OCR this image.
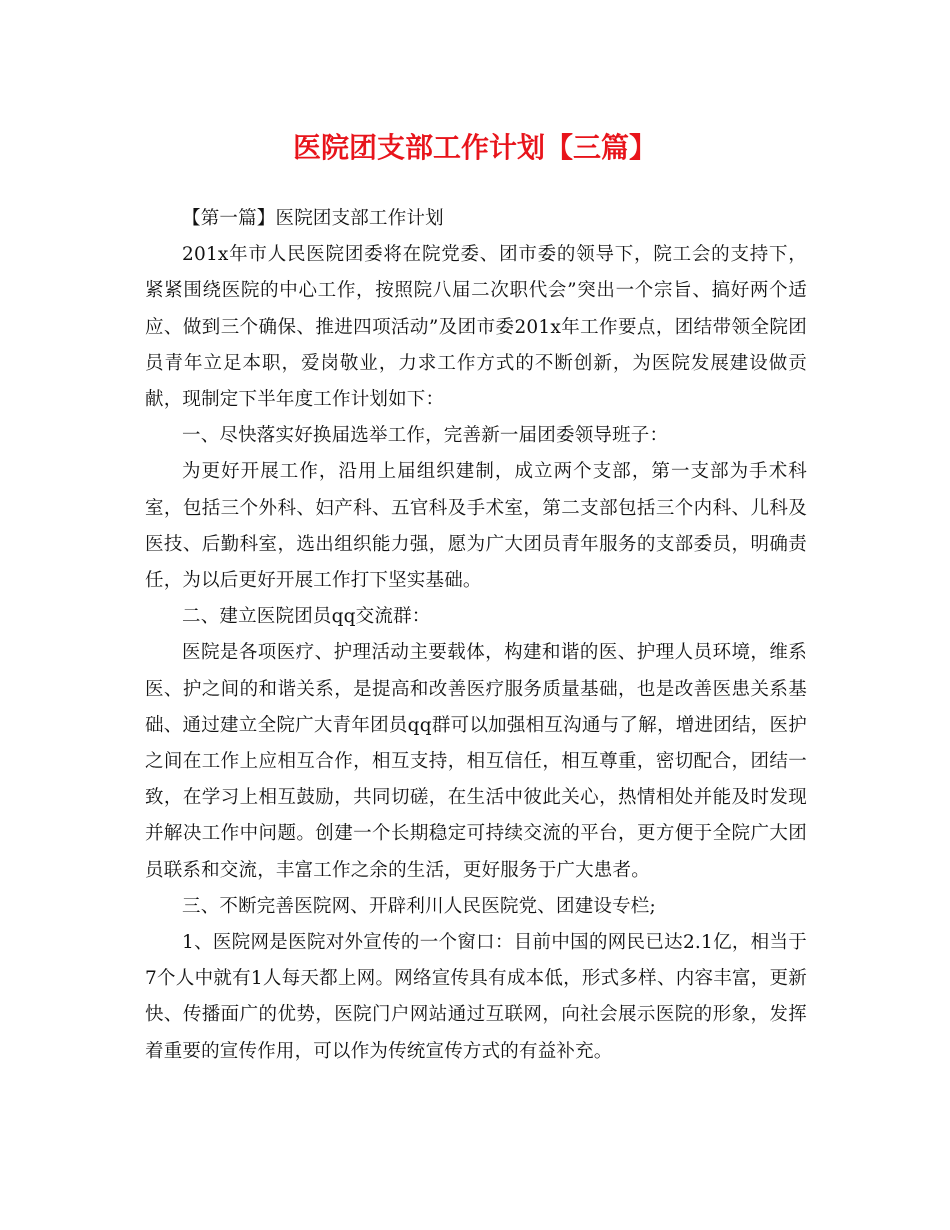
医院团支部工作计划【三篇】

【第一篇】医院团支部工作计划

201x年市人民医院团委将在院党委、团市委的领导下，院工会的支持下，紧紧围绕医院的中心工作，按照院八届二次职代会”突出一个宗旨、搞好两个适应、做到三个确保、推进四项活动”及团市委201x年工作要点，团结带领全院团员青年立足本职，爱岗敬业，力求工作方式的不断创新，为医院发展建设做贡献，现制定下半年度工作计划如下：

一、尽快落实好换届选举工作，完善新一届团委领导班子：

为更好开展工作，沿用上届组织建制，成立两个支部，第一支部为手术科室，包括三个外科、妇产科、五官科及手术室，第二支部包括三个内科、儿科及医技、后勤科室，选出组织能力强，愿为广大团员青年服务的支部委员，明确责任，为以后更好开展工作打下坚实基础。

二、建立医院团员qq交流群：

医院是各项医疗、护理活动主要载体，构建和谐的医、护理人员环境，维系医、护之间的和谐关系，是提高和改善医疗服务质量基础，也是改善医患关系基础、通过建立全院广大青年团员qq群可以加强相互沟通与了解，增进团结，医护之间在工作上应相互合作，相互支持，相互信任，相互尊重，密切配合，团结一致，在学习上相互鼓励，共同切磋，在生活中彼此关心，热情相处并能及时发现并解决工作中问题。创建一个长期稳定可持续交流的平台，更方便于全院广大团员联系和交流，丰富工作之余的生活，更好服务于广大患者。

三、不断完善医院网、开辟利川人民医院党、团建设专栏;

1、医院网是医院对外宣传的一个窗口：目前中国的网民已达2.1亿，相当于7个人中就有1人每天都上网。网络宣传具有成本低，形式多样、内容丰富，更新快、传播面广的优势，医院门户网站通过互联网，向社会展示医院的形象，发挥着重要的宣传作用，可以作为传统宣传方式的有益补充。
